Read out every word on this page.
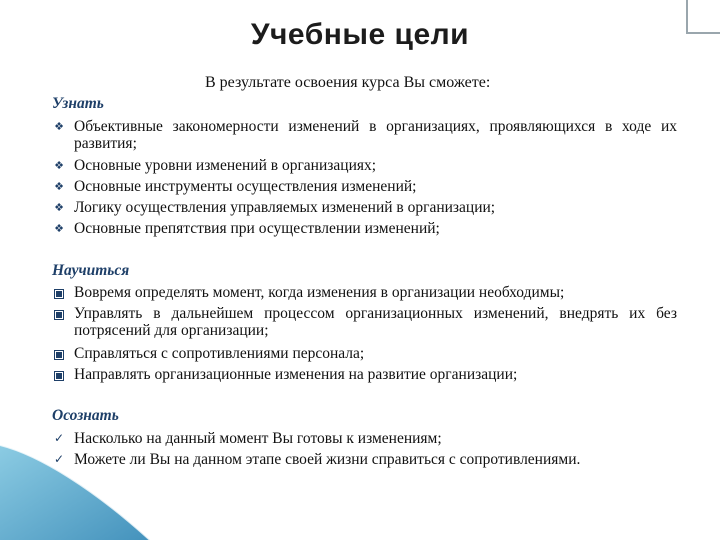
Учебные цели
В результате освоения курса Вы сможете:
Узнать
❖ Объективные закономерности изменений в организациях, проявляющихся в ходе их развития;
❖ Основные уровни изменений в организациях;
❖ Основные инструменты осуществления изменений;
❖ Логику осуществления управляемых изменений в организации;
❖ Основные препятствия при осуществлении изменений;
Научиться
Вовремя определять момент, когда изменения в организации необходимы;
Управлять в дальнейшем процессом организационных изменений, внедрять их без потрясений для организации;
Справляться с сопротивлениями персонала;
Направлять организационные изменения на развитие организации;
Осознать
✓ Насколько на данный момент Вы готовы к изменениям;
✓ Можете ли Вы на данном этапе своей жизни справиться с сопротивлениями.
